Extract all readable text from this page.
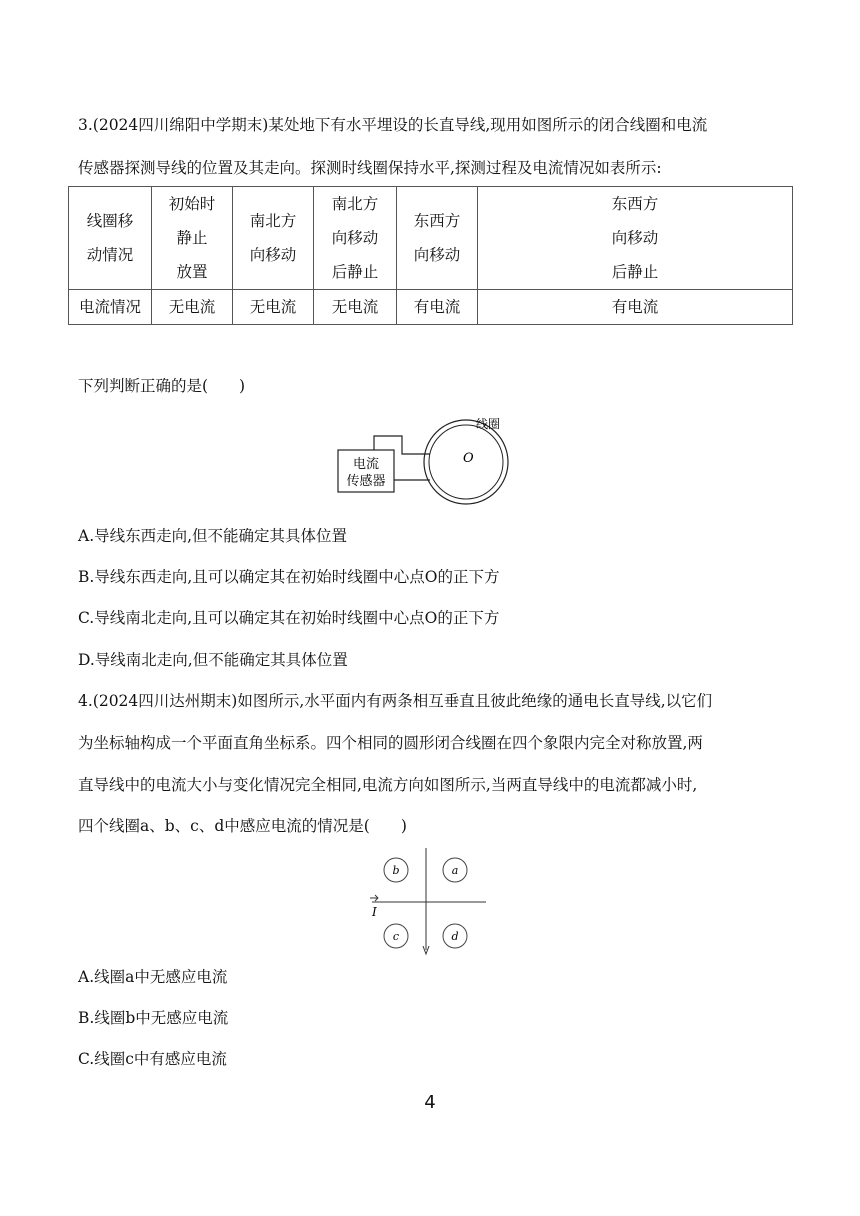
3.(2024四川绵阳中学期末)某处地下有水平埋设的长直导线,现用如图所示的闭合线圈和电流
传感器探测导线的位置及其走向。探测时线圈保持水平,探测过程及电流情况如表所示:
线圈移
动情况	初始时
静止
放置	南北方
向移动	南北方
向移动
后静止	东西方
向移动	东西方
向移动
后静止

电流情况	无电流	无电流	无电流	有电流	有电流
下列判断正确的是(　　)
电流
传感器
线圈
O
A.导线东西走向,但不能确定其具体位置
B.导线东西走向,且可以确定其在初始时线圈中心点O的正下方
C.导线南北走向,且可以确定其在初始时线圈中心点O的正下方
D.导线南北走向,但不能确定其具体位置
4.(2024四川达州期末)如图所示,水平面内有两条相互垂直且彼此绝缘的通电长直导线,以它们
为坐标轴构成一个平面直角坐标系。四个相同的圆形闭合线圈在四个象限内完全对称放置,两
直导线中的电流大小与变化情况完全相同,电流方向如图所示,当两直导线中的电流都减小时,
四个线圈a、b、c、d中感应电流的情况是(　　)
b	a
c	d
I
A.线圈a中无感应电流
B.线圈b中无感应电流
C.线圈c中有感应电流
4
